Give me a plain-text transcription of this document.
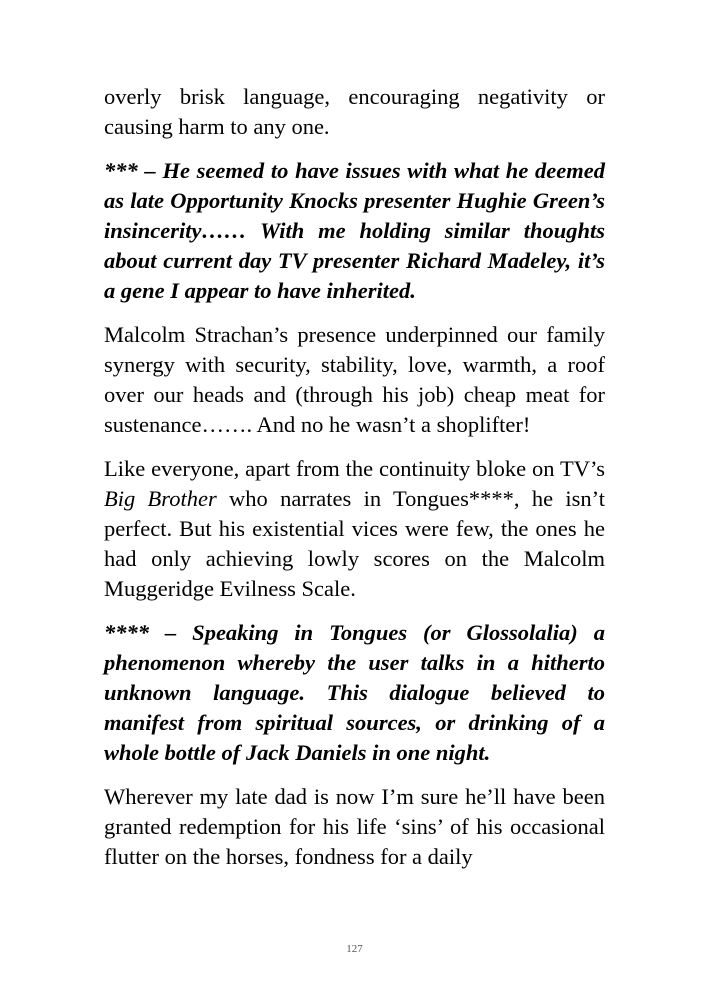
overly brisk language, encouraging negativity or causing harm to any one.

*** – He seemed to have issues with what he deemed as late Opportunity Knocks presenter Hughie Green’s insincerity…… With me holding similar thoughts about current day TV presenter Richard Madeley, it’s a gene I appear to have inherited.

Malcolm Strachan’s presence underpinned our family synergy with security, stability, love, warmth, a roof over our heads and (through his job) cheap meat for sustenance……. And no he wasn’t a shoplifter!

Like everyone, apart from the continuity bloke on TV’s Big Brother who narrates in Tongues****, he isn’t perfect. But his existential vices were few, the ones he had only achieving lowly scores on the Malcolm Muggeridge Evilness Scale.

**** – Speaking in Tongues (or Glossolalia) a phenomenon whereby the user talks in a hitherto unknown language. This dialogue believed to manifest from spiritual sources, or drinking of a whole bottle of Jack Daniels in one night.

Wherever my late dad is now I’m sure he’ll have been granted redemption for his life ‘sins’ of his occasional flutter on the horses, fondness for a daily

127
